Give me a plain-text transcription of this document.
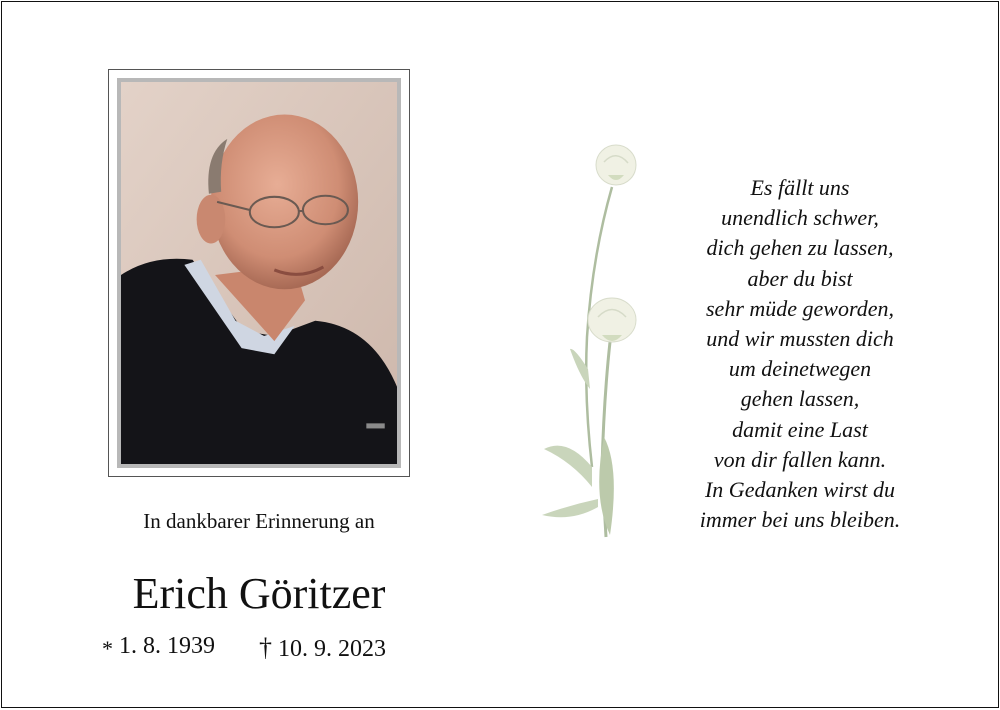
In dankbarer Erinnerung an
Erich Göritzer
* 1. 8. 1939 † 10. 9. 2023
Es fällt uns
unendlich schwer,
dich gehen zu lassen,
aber du bist
sehr müde geworden,
und wir mussten dich
um deinetwegen
gehen lassen,
damit eine Last
von dir fallen kann.
In Gedanken wirst du
immer bei uns bleiben.
